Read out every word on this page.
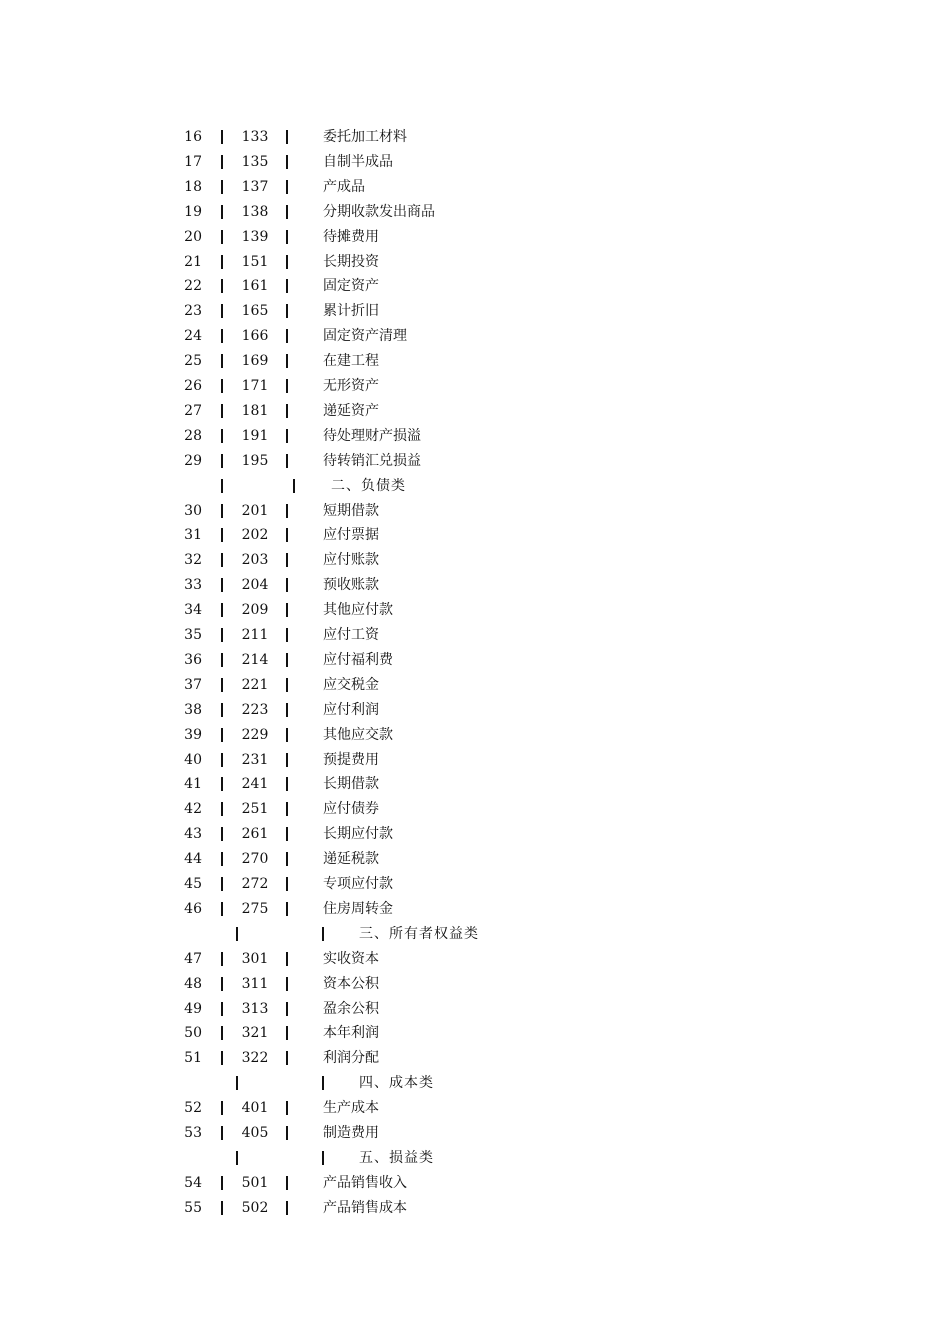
16	133	委托加工材料
17	135	自制半成品
18	137	产成品
19	138	分期收款发出商品
20	139	待摊费用
21	151	长期投资
22	161	固定资产
23	165	累计折旧
24	166	固定资产清理
25	169	在建工程
26	171	无形资产
27	181	递延资产
28	191	待处理财产损溢
29	195	待转销汇兑损益
二、负债类
30	201	短期借款
31	202	应付票据
32	203	应付账款
33	204	预收账款
34	209	其他应付款
35	211	应付工资
36	214	应付福利费
37	221	应交税金
38	223	应付利润
39	229	其他应交款
40	231	预提费用
41	241	长期借款
42	251	应付债券
43	261	长期应付款
44	270	递延税款
45	272	专项应付款
46	275	住房周转金
三、所有者权益类
47	301	实收资本
48	311	资本公积
49	313	盈余公积
50	321	本年利润
51	322	利润分配
四、成本类
52	401	生产成本
53	405	制造费用
五、损益类
54	501	产品销售收入
55	502	产品销售成本
